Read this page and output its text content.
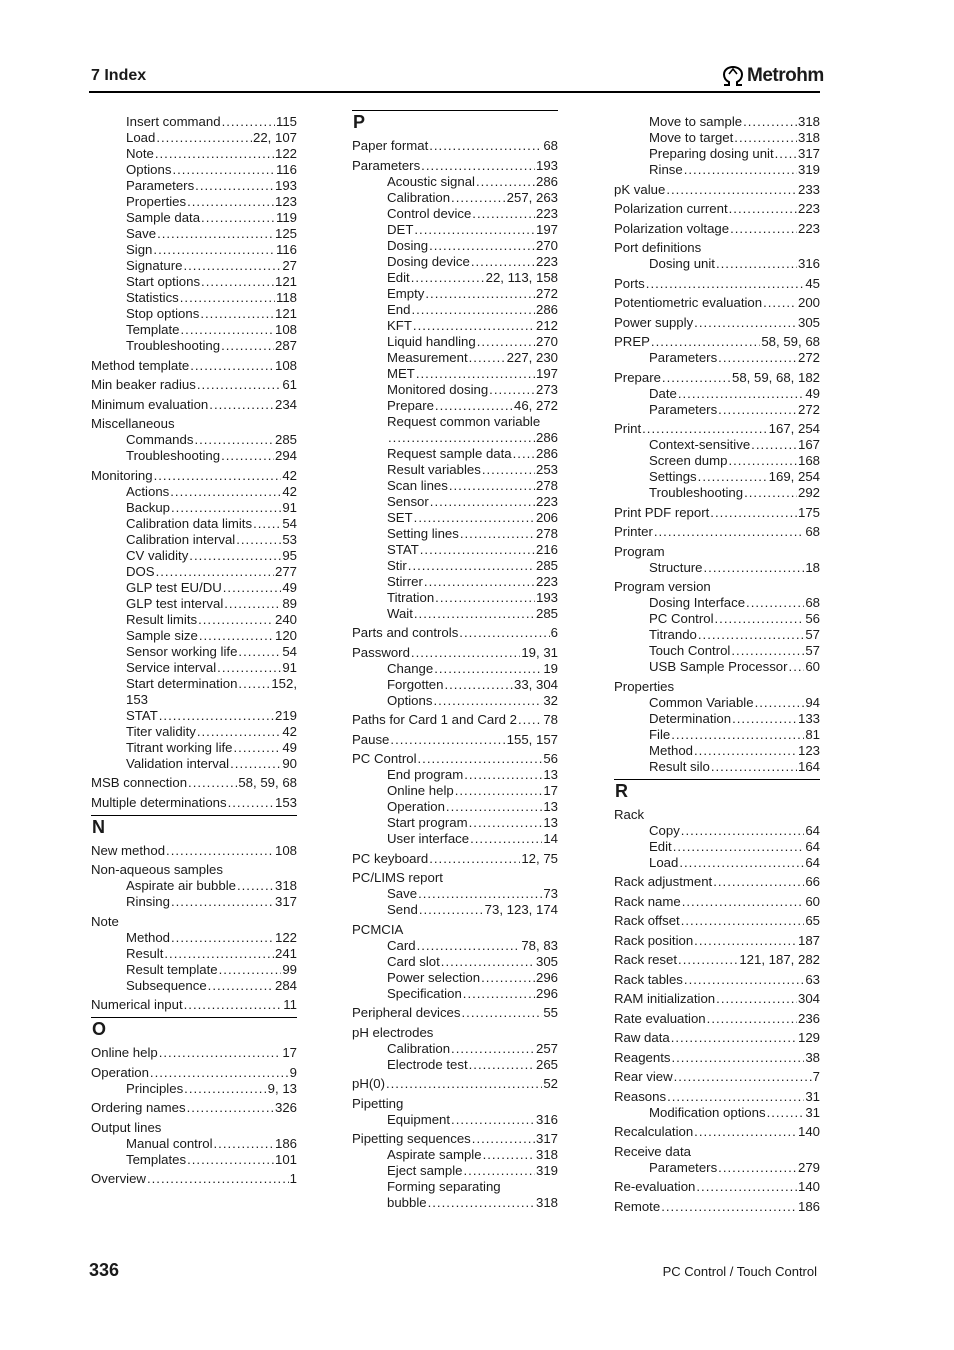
7 Index	Metrohm
Insert command .....	115
Load .....	22, 107
Note .....	122
Options .....	116
Parameters .....	193
Properties .....	123
Sample data .....	119
Save .....	125
Sign .....	116
Signature .....	27
Start options .....	121
Statistics .....	118
Stop options .....	121
Template .....	108
Troubleshooting .....	287
Method template .....	108
Min beaker radius .....	61
Minimum evaluation .....	234
Miscellaneous
Commands .....	285
Troubleshooting .....	294
Monitoring .....	42
Actions .....	42
Backup .....	91
Calibration data limits ..... 54
Calibration interval .....	53
CV validity .....	95
DOS .....	277
GLP test EU/DU .....	49
GLP test interval .....	89
Result limits .....	240
Sample size .....	120
Sensor working life .....	54
Service interval .....	91
Start determination .....	152,
153
STAT .....	219
Titer validity .....	42
Titrant working life .....	49
Validation interval .....	90
MSB connection .....	58, 59, 68
Multiple determinations .....	153
N
New method .....	108
Non-aqueous samples
Aspirate air bubble .....	318
Rinsing .....	317
Note
Method .....	122
Result .....	241
Result template .....	99
Subsequence .....	284
Numerical input .....	11
O
Online help .....	17
Operation .....	9
Principles .....	9, 13
Ordering names .....	326
Output lines
Manual control .....	186
Templates .....	101
Overview .....	1
P
Paper format .....	68
Parameters .....	193
Acoustic signal .....	286
Calibration .....	257, 263
Control device .....	223
DET .....	197
Dosing .....	270
Dosing device .....	223
Edit .....	22, 113, 158
Empty .....	272
End .....	286
KFT .....	212
Liquid handling .....	270
Measurement .....	227, 230
MET .....	197
Monitored dosing .....	273
Prepare .....	46, 272
Request common variable
.....
286
Request sample data ..... 286
Result variables .....	253
Scan lines .....	278
Sensor .....	223
SET .....	206
Setting lines .....	278
STAT .....	216
Stir .....	285
Stirrer .....	223
Titration .....	193
Wait .....	285
Parts and controls .....	6
Password .....	19, 31
Change .....	19
Forgotten .....	33, 304
Options .....	32
Paths for Card 1 and Card 2 ..... 78
Pause .....	155, 157
PC Control .....	56
End program .....	13
Online help .....	17
Operation .....	13
Start program .....	13
User interface .....	14
PC keyboard .....	12, 75
PC/LIMS report
Save .....	73
Send .....	73, 123, 174
PCMCIA
Card .....	78, 83
Card slot .....	305
Power selection .....	296
Specification .....	296
Peripheral devices .....	55
pH electrodes
Calibration .....	257
Electrode test .....	265
pH(0) .....	52
Pipetting
Equipment .....	316
Pipetting sequences .....	317
Aspirate sample .....	318
Eject sample .....	319
Forming separating
bubble .....	318
Move to sample .....	318
Move to target .....	318
Preparing dosing unit ..... 317
Rinse .....	319
pK value .....	233
Polarization current .....	223
Polarization voltage .....	223
Port definitions
Dosing unit .....	316
Ports .....	45
Potentiometric evaluation .....	200
Power supply .....	305
PREP .....	58, 59, 68
Parameters .....	272
Prepare .....	58, 59, 68, 182
Date .....	49
Parameters .....	272
Print .....	167, 254
Context-sensitive .....	167
Screen dump .....	168
Settings .....	169, 254
Troubleshooting .....	292
Print PDF report .....	175
Printer .....	68
Program
Structure .....	18
Program version
Dosing Interface .....	68
PC Control .....	56
Titrando .....	57
Touch Control .....	57
USB Sample Processor ..... 60
Properties
Common Variable .....	94
Determination .....	133
File .....	81
Method .....	123
Result silo .....	164
R
Rack
Copy .....	64
Edit .....	64
Load .....	64
Rack adjustment .....	66
Rack name .....	60
Rack offset .....	65
Rack position .....	187
Rack reset .....	121, 187, 282
Rack tables .....	63
RAM initialization .....	304
Rate evaluation .....	236
Raw data .....	129
Reagents .....	38
Rear view .....	7
Reasons .....	31
Modification options .....	31
Recalculation .....	140
Receive data
Parameters .....	279
Re-evaluation .....	140
Remote .....	186
336	PC Control / Touch Control
